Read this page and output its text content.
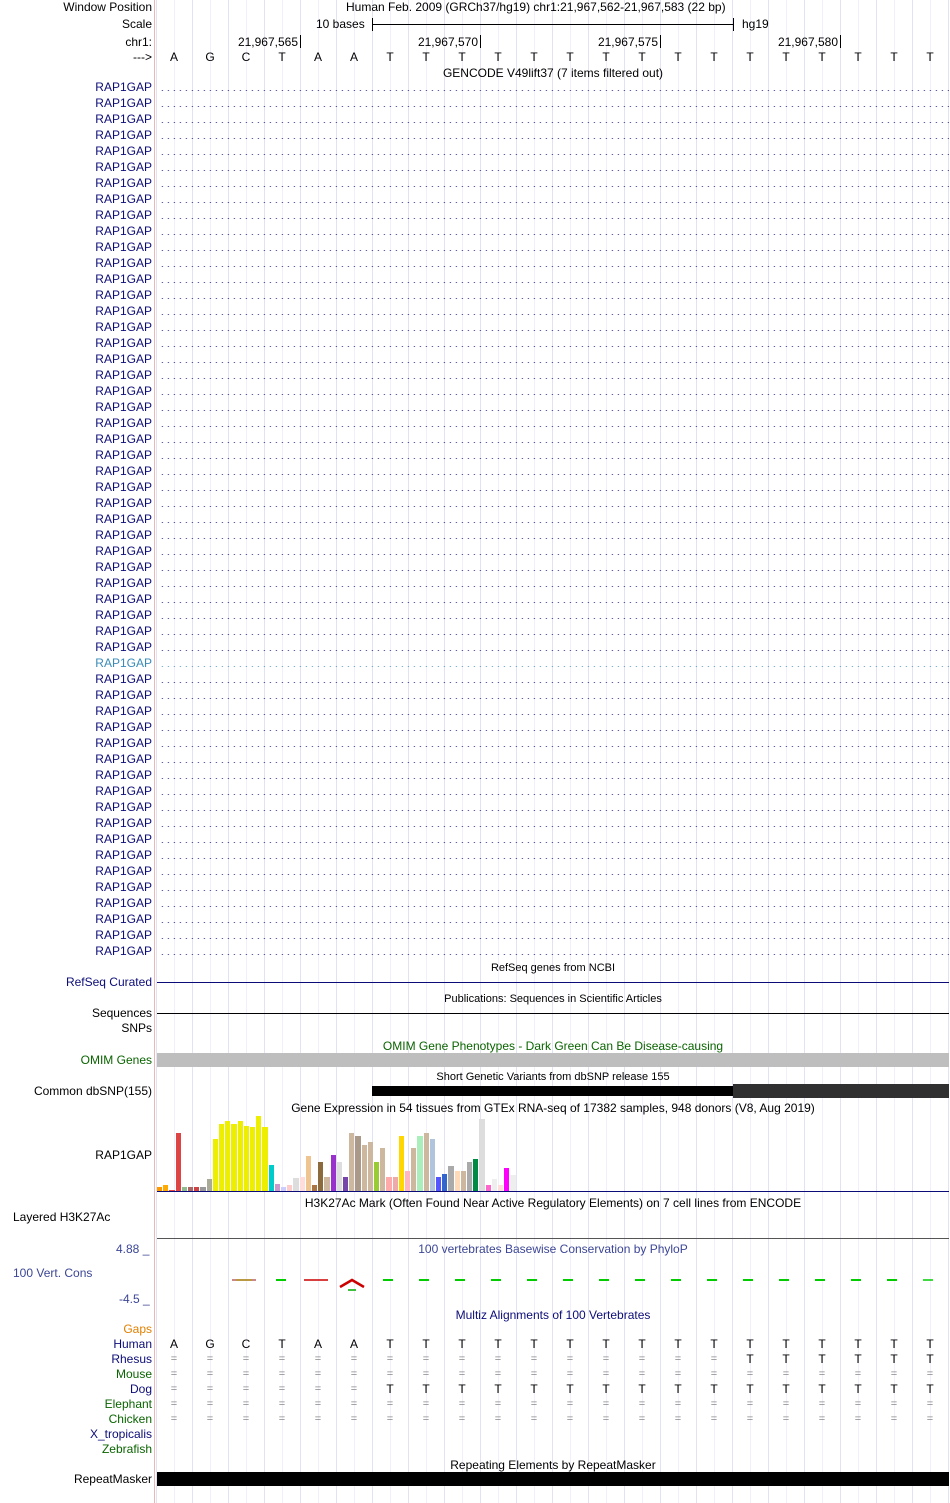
Window Position	Human Feb. 2009 (GRCh37/hg19) chr1:21,967,562-21,967,583 (22 bp)
Scale	10 bases	hg19
chr1:	21,967,565	21,967,570	21,967,575	21,967,580
--->	A	G	C	T	A	A	T	T	T	T	T	T	T	T	T	T	T	T	T	T	T	T
GENCODE V49lift37 (7 items filtered out)
RAP1GAP
RAP1GAP
RAP1GAP
RAP1GAP
RAP1GAP
RAP1GAP
RAP1GAP
RAP1GAP
RAP1GAP
RAP1GAP
RAP1GAP
RAP1GAP
RAP1GAP
RAP1GAP
RAP1GAP
RAP1GAP
RAP1GAP
RAP1GAP
RAP1GAP
RAP1GAP
RAP1GAP
RAP1GAP
RAP1GAP
RAP1GAP
RAP1GAP
RAP1GAP
RAP1GAP
RAP1GAP
RAP1GAP
RAP1GAP
RAP1GAP
RAP1GAP
RAP1GAP
RAP1GAP
RAP1GAP
RAP1GAP
RAP1GAP
RAP1GAP
RAP1GAP
RAP1GAP
RAP1GAP
RAP1GAP
RAP1GAP
RAP1GAP
RAP1GAP
RAP1GAP
RAP1GAP
RAP1GAP
RAP1GAP
RAP1GAP
RAP1GAP
RAP1GAP
RAP1GAP
RAP1GAP
RAP1GAP
RefSeq genes from NCBI
RefSeq Curated
Publications: Sequences in Scientific Articles
Sequences
SNPs
OMIM Gene Phenotypes - Dark Green Can Be Disease-causing
OMIM Genes
Short Genetic Variants from dbSNP release 155
Common dbSNP(155)
Gene Expression in 54 tissues from GTEx RNA-seq of 17382 samples, 948 donors (V8, Aug 2019)
RAP1GAP
H3K27Ac Mark (Often Found Near Active Regulatory Elements) on 7 cell lines from ENCODE
Layered H3K27Ac
100 vertebrates Basewise Conservation by PhyloP
4.88 _
100 Vert. Cons
-4.5 _
Multiz Alignments of 100 Vertebrates
Gaps
Human	A	G	C	T	A	A	T	T	T	T	T	T	T	T	T	T	T	T	T	T	T	T
Rhesus	=	=	=	=	=	=	=	=	=	=	=	=	=	=	=	=	T	T	T	T	T	T
Mouse	=	=	=	=	=	=	=	=	=	=	=	=	=	=	=	=	=	=	=	=	=	=
Dog	=	=	=	=	=	=	T	T	T	T	T	T	T	T	T	T	T	T	T	T	T	T
Elephant	=	=	=	=	=	=	=	=	=	=	=	=	=	=	=	=	=	=	=	=	=	=
Chicken	=	=	=	=	=	=	=	=	=	=	=	=	=	=	=	=	=	=	=	=	=	=
X_tropicalis
Zebrafish
Repeating Elements by RepeatMasker
RepeatMasker
